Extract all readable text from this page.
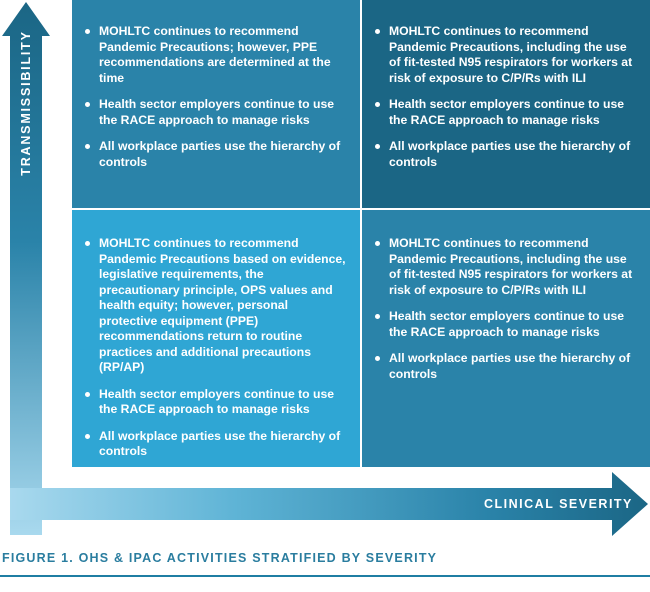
TRANSMISSIBILITY
CLINICAL SEVERITY
MOHLTC continues to recommend Pandemic Precautions; however, PPE recommendations are determined at the time
Health sector employers continue to use the RACE approach to manage risks
All workplace parties use the hierarchy of controls
MOHLTC continues to recommend Pandemic Precautions, including the use of fit-tested N95 respirators for workers at risk of exposure to C/P/Rs with ILI
Health sector employers continue to use the RACE approach to manage risks
All workplace parties use the hierarchy of controls
MOHLTC continues to recommend Pandemic Precautions based on evidence, legislative requirements, the precautionary principle, OPS values and health equity; however, personal protective equipment (PPE) recommendations return to routine practices and additional precautions (RP/AP)
Health sector employers continue to use the RACE approach to manage risks
All workplace parties use the hierarchy of controls
MOHLTC continues to recommend Pandemic Precautions, including the use of fit-tested N95 respirators for workers at risk of exposure to C/P/Rs with ILI
Health sector employers continue to use the RACE approach to manage risks
All workplace parties use the hierarchy of controls
FIGURE 1. OHS & IPAC ACTIVITIES STRATIFIED BY SEVERITY
